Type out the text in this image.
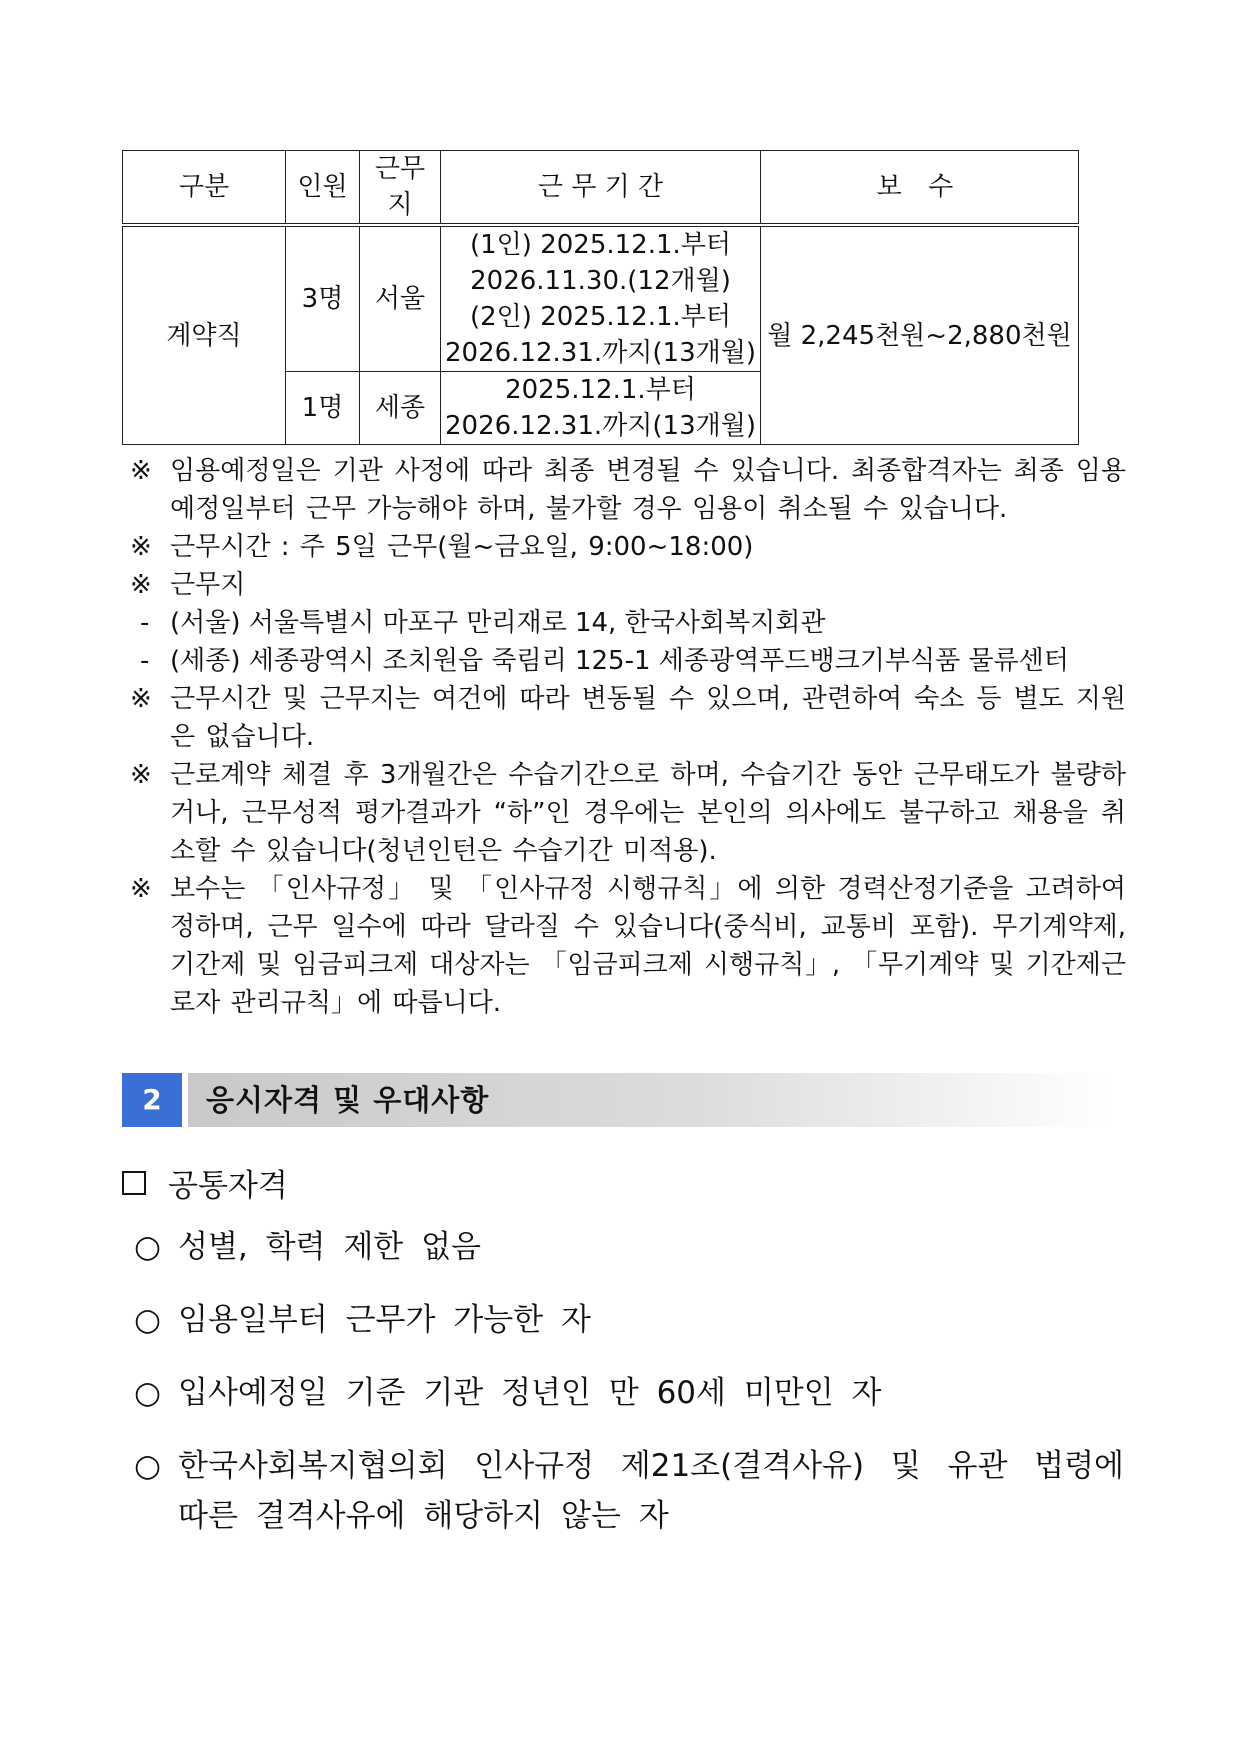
구분	인원	근무지	근 무 기 간	보 수
계약직	3명	서울	(1인) 2025.12.1.부터
2026.11.30.(12개월)
(2인) 2025.12.1.부터
2026.12.31.까지(13개월)	월 2,245천원~2,880천원
	1명	세종	2025.12.1.부터
2026.12.31.까지(13개월)	
※ 임용예정일은 기관 사정에 따라 최종 변경될 수 있습니다. 최종합격자는 최종 임용 예정일부터 근무 가능해야 하며, 불가할 경우 임용이 취소될 수 있습니다.
※ 근무시간 : 주 5일 근무(월~금요일, 9:00~18:00)
※ 근무지
- (서울) 서울특별시 마포구 만리재로 14, 한국사회복지회관
- (세종) 세종광역시 조치원읍 죽림리 125-1 세종광역푸드뱅크기부식품 물류센터
※ 근무시간 및 근무지는 여건에 따라 변동될 수 있으며, 관련하여 숙소 등 별도 지원은 없습니다.
※ 근로계약 체결 후 3개월간은 수습기간으로 하며, 수습기간 동안 근무태도가 불량하거나, 근무성적 평가결과가 “하”인 경우에는 본인의 의사에도 불구하고 채용을 취소할 수 있습니다(청년인턴은 수습기간 미적용).
※ 보수는 「인사규정」 및 「인사규정 시행규칙」에 의한 경력산정기준을 고려하여 정하며, 근무 일수에 따라 달라질 수 있습니다(중식비, 교통비 포함). 무기계약제, 기간제 및 임금피크제 대상자는 「임금피크제 시행규칙」, 「무기계약 및 기간제근로자 관리규칙」에 따릅니다.
2	응시자격 및 우대사항
공통자격
○ 성별, 학력 제한 없음
○ 임용일부터 근무가 가능한 자
○ 입사예정일 기준 기관 정년인 만 60세 미만인 자
○ 한국사회복지협의회 인사규정 제21조(결격사유) 및 유관 법령에 따른 결격사유에 해당하지 않는 자
